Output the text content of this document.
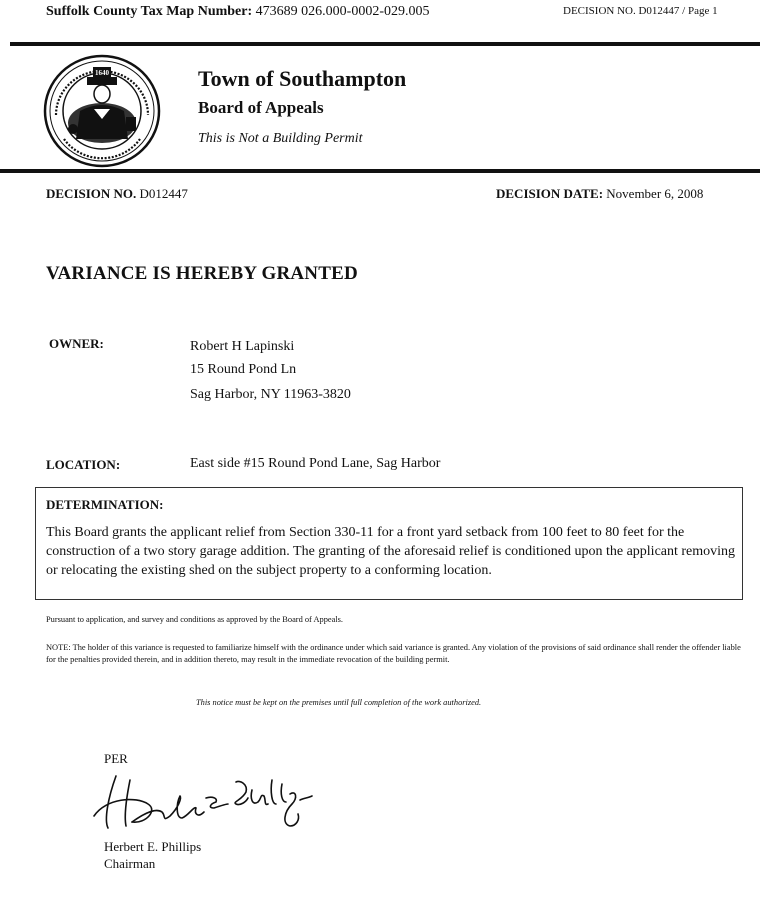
Suffolk County Tax Map Number: 473689 026.000-0002-029.005	DECISION NO. D012447 / Page 1
1640	Town of Southampton
Board of Appeals
This is Not a Building Permit
DECISION NO. D012447	DECISION DATE: November 6, 2008
VARIANCE IS HEREBY GRANTED
OWNER:	Robert H Lapinski
15 Round Pond Ln
Sag Harbor, NY 11963-3820
LOCATION:	East side #15 Round Pond Lane, Sag Harbor
DETERMINATION:
This Board grants the applicant relief from Section 330-11 for a front yard setback from 100 feet to 80 feet for the construction of a two story garage addition. The granting of the aforesaid relief is conditioned upon the applicant removing or relocating the existing shed on the subject property to a conforming location.
Pursuant to application, and survey and conditions as approved by the Board of Appeals.
NOTE: The holder of this variance is requested to familiarize himself with the ordinance under which said variance is granted. Any violation of the provisions of said ordinance shall render the offender liable for the penalties provided therein, and in addition thereto, may result in the immediate revocation of the building permit.
This notice must be kept on the premises until full completion of the work authorized.
PER
Herbert E. Phillips
Chairman
